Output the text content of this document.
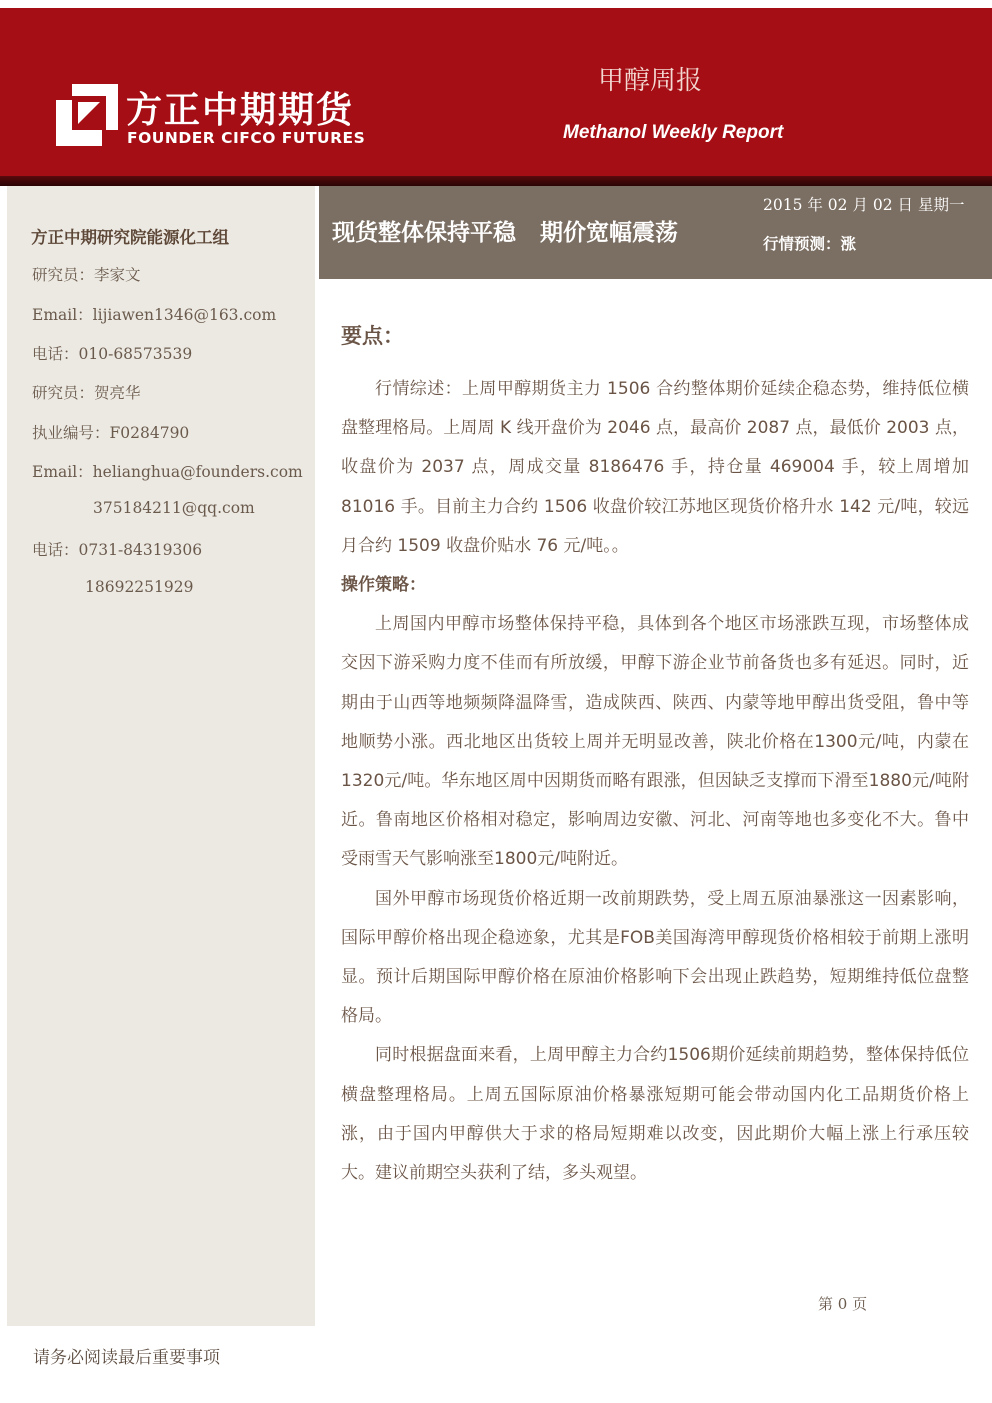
方正中期期货
FOUNDER CIFCO FUTURES
甲醇周报
Methanol Weekly Report
方正中期研究院能源化工组
研究员：李家文
Email：lijiawen1346@163.com
电话：010-68573539
研究员：贺亮华
执业编号：F0284790
Email：helianghua@founders.com
375184211@qq.com
电话：0731-84319306
18692251929
现货整体保持平稳   期价宽幅震荡
2015 年 02 月 02 日 星期一
行情预测：涨
要点：

行情综述：上周甲醇期货主力 1506 合约整体期价延续企稳态势，维持低位横盘整理格局。上周周 K 线开盘价为 2046 点，最高价 2087 点，最低价 2003 点，收盘价为 2037 点，周成交量 8186476 手，持仓量 469004 手，较上周增加 81016 手。目前主力合约 1506 收盘价较江苏地区现货价格升水 142 元/吨，较远月合约 1509 收盘价贴水 76 元/吨。。

操作策略：

上周国内甲醇市场整体保持平稳，具体到各个地区市场涨跌互现，市场整体成交因下游采购力度不佳而有所放缓，甲醇下游企业节前备货也多有延迟。同时，近期由于山西等地频频降温降雪，造成陕西、陕西、内蒙等地甲醇出货受阻，鲁中等地顺势小涨。西北地区出货较上周并无明显改善，陕北价格在1300元/吨，内蒙在1320元/吨。华东地区周中因期货而略有跟涨，但因缺乏支撑而下滑至1880元/吨附近。鲁南地区价格相对稳定，影响周边安徽、河北、河南等地也多变化不大。鲁中受雨雪天气影响涨至1800元/吨附近。

国外甲醇市场现货价格近期一改前期跌势，受上周五原油暴涨这一因素影响，国际甲醇价格出现企稳迹象，尤其是FOB美国海湾甲醇现货价格相较于前期上涨明显。预计后期国际甲醇价格在原油价格影响下会出现止跌趋势，短期维持低位盘整格局。

同时根据盘面来看，上周甲醇主力合约1506期价延续前期趋势，整体保持低位横盘整理格局。上周五国际原油价格暴涨短期可能会带动国内化工品期货价格上涨，由于国内甲醇供大于求的格局短期难以改变，因此期价大幅上涨上行承压较大。建议前期空头获利了结，多头观望。

第 0 页
请务必阅读最后重要事项
